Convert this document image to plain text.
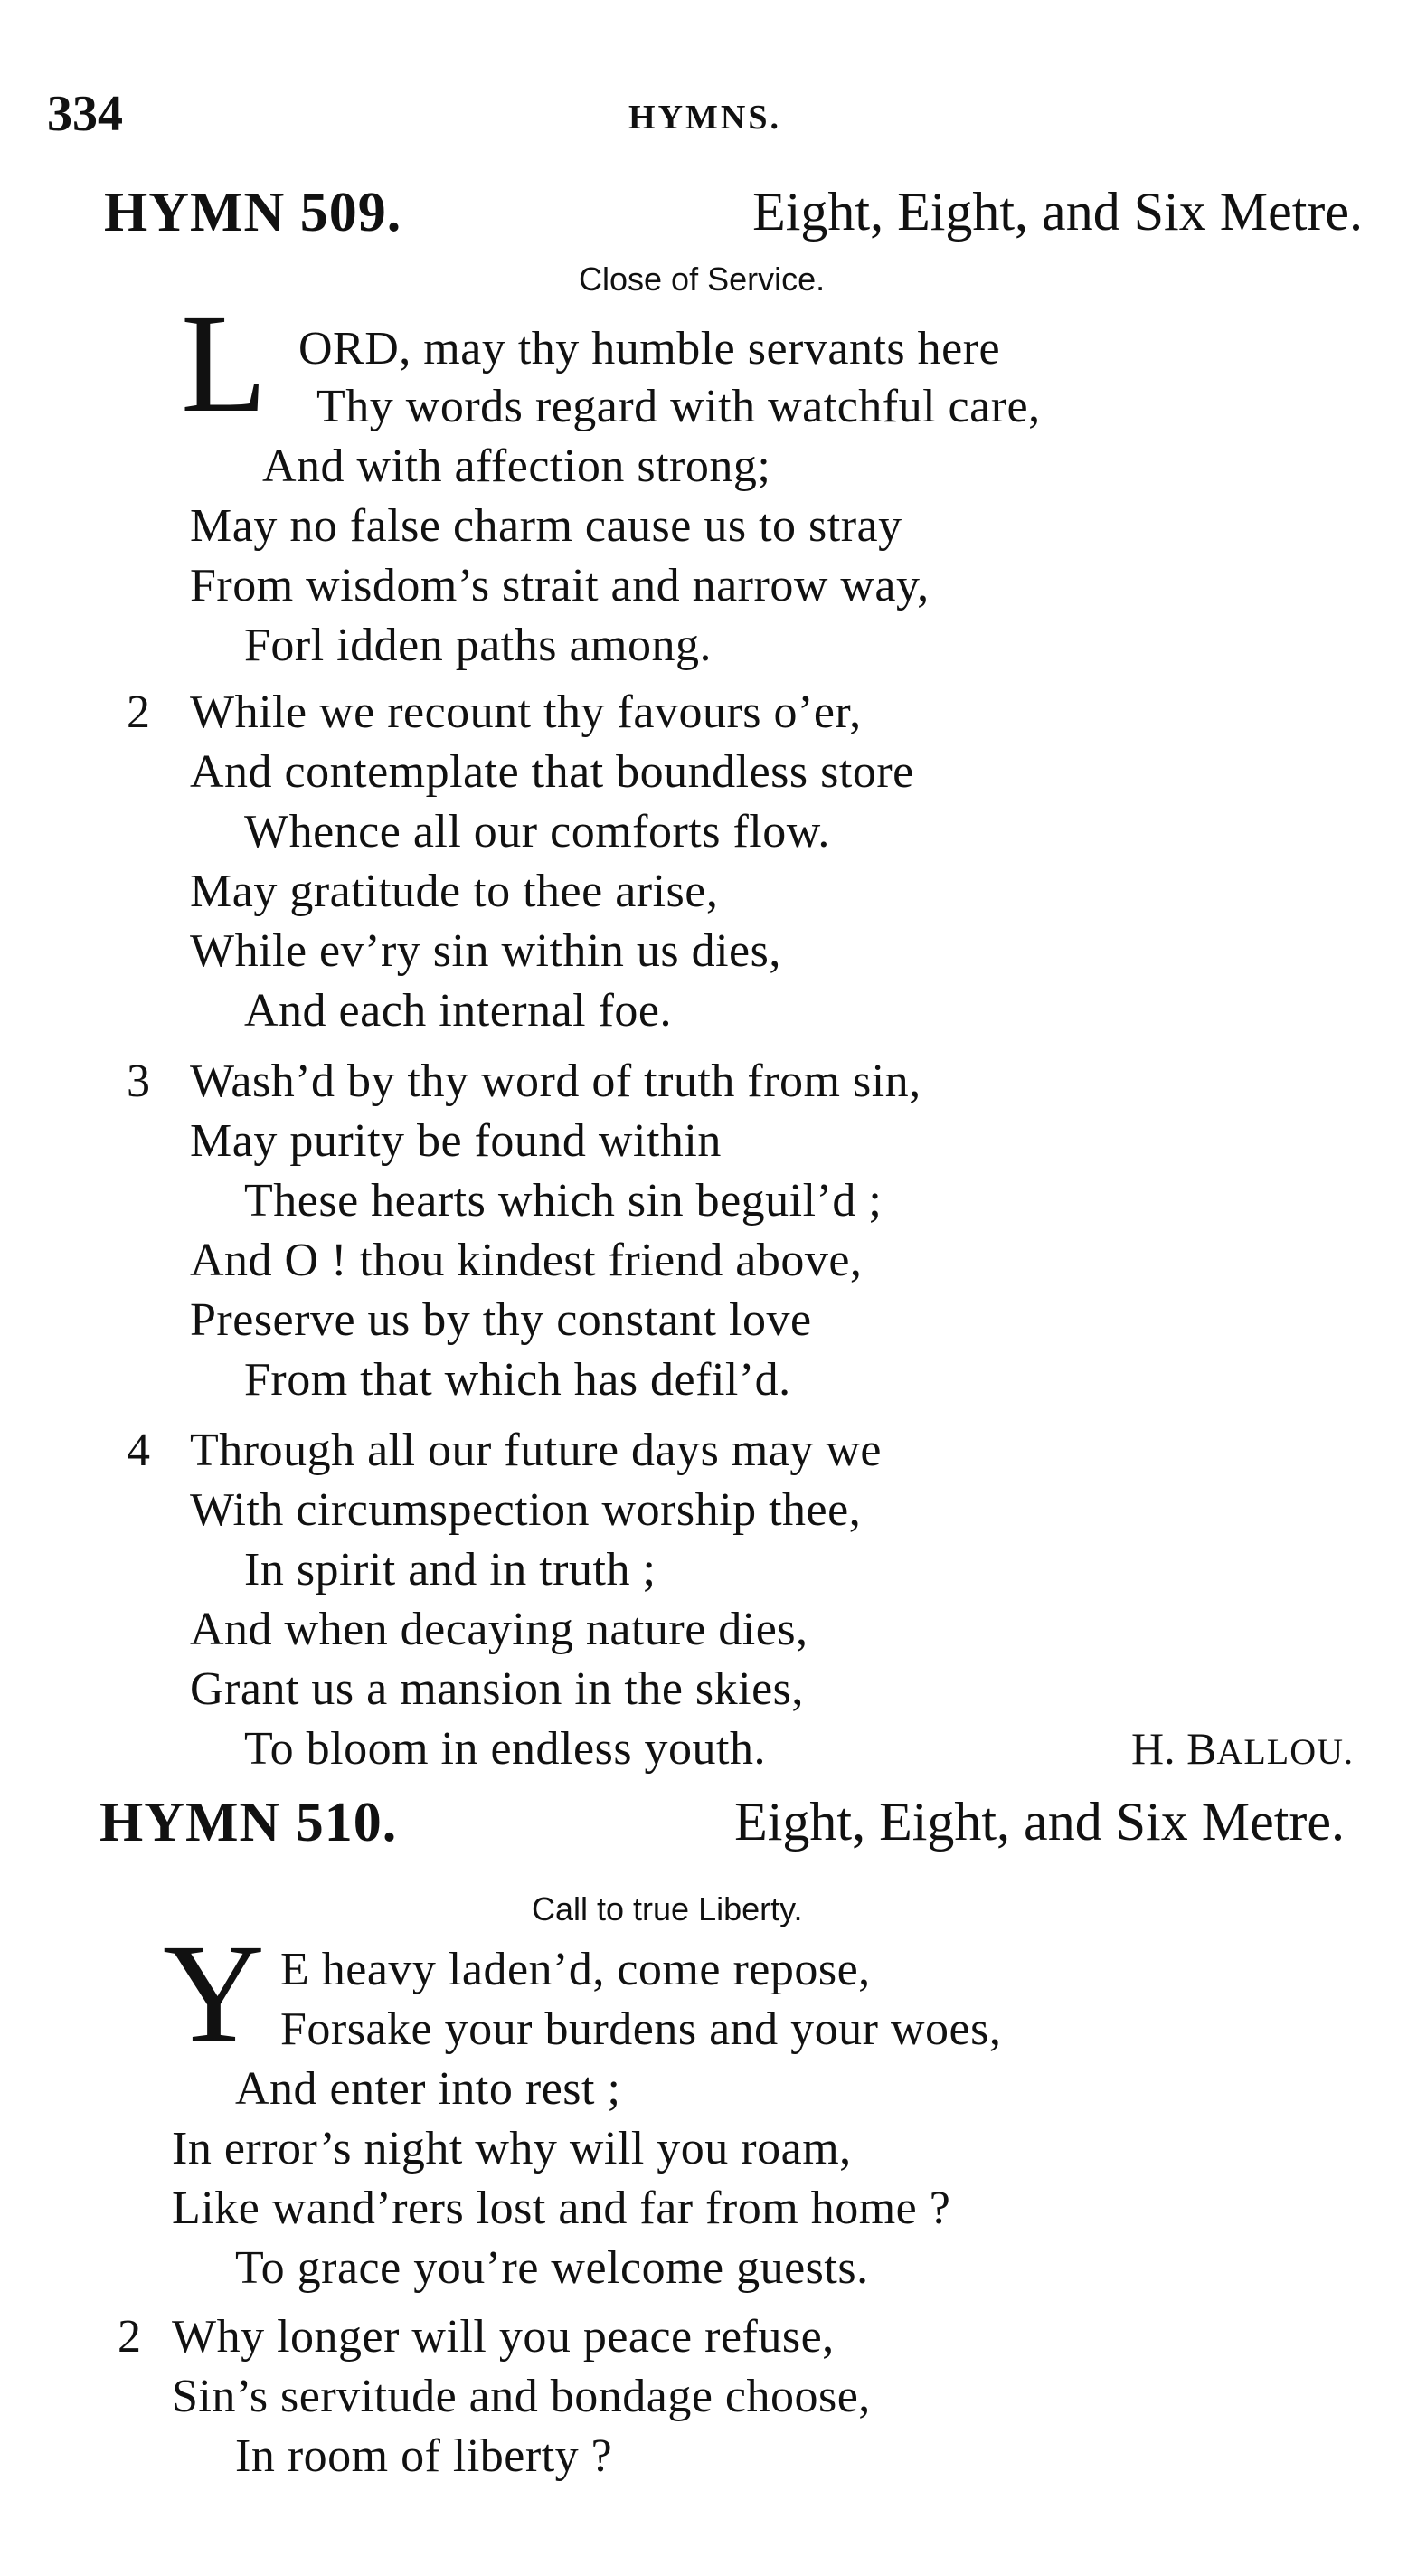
334	HYMNS.
HYMN 509.	Eight, Eight, and Six Metre.
Close of Service.
L ORD, may thy humble servants here
Thy words regard with watchful care,
And with affection strong;
May no false charm cause us to stray
From wisdom’s strait and narrow way,
Forl idden paths among.
2 While we recount thy favours o’er,
And contemplate that boundless store
Whence all our comforts flow.
May gratitude to thee arise,
While ev’ry sin within us dies,
And each internal foe.
3 Wash’d by thy word of truth from sin,
May purity be found within
These hearts which sin beguil’d ;
And O ! thou kindest friend above,
Preserve us by thy constant love
From that which has defil’d.
4 Through all our future days may we
With circumspection worship thee,
In spirit and in truth ;
And when decaying nature dies,
Grant us a mansion in the skies,
To bloom in endless youth.	H. BALLOU.
HYMN 510.	Eight, Eight, and Six Metre.
Call to true Liberty.
Y E heavy laden’d, come repose,
Forsake your burdens and your woes,
And enter into rest ;
In error’s night why will you roam,
Like wand’rers lost and far from home ?
To grace you’re welcome guests.
2 Why longer will you peace refuse,
Sin’s servitude and bondage choose,
In room of liberty ?
